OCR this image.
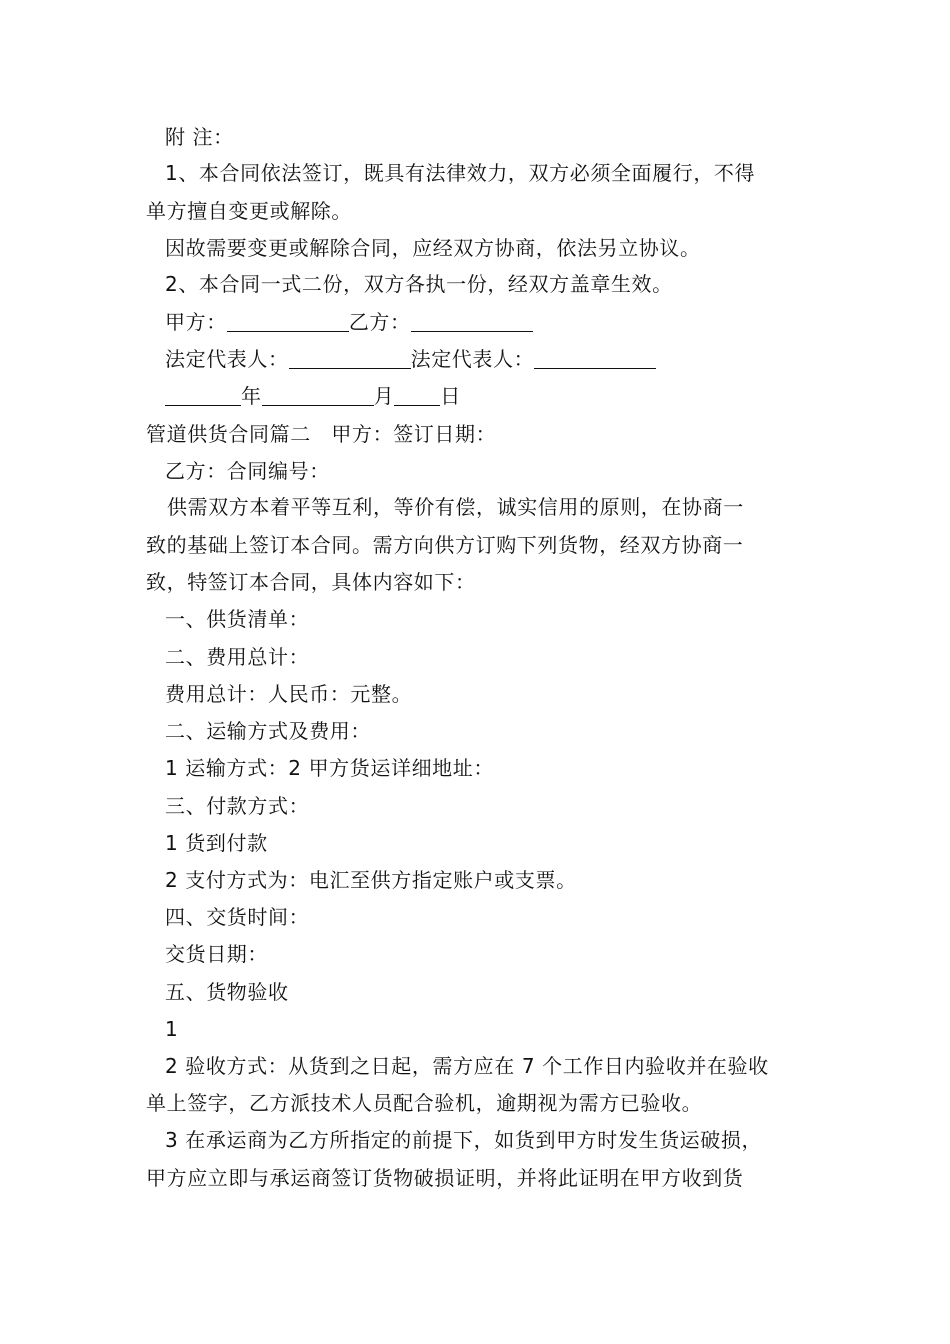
附 注：
1、本合同依法签订，既具有法律效力，双方必须全面履行，不得
单方擅自变更或解除。
因故需要变更或解除合同，应经双方协商，依法另立协议。
2、本合同一式二份，双方各执一份，经双方盖章生效。
甲方：	乙方：
法定代表人：	法定代表人：
年	月 日
管道供货合同篇二　甲方：签订日期：
乙方：合同编号：
供需双方本着平等互利，等价有偿，诚实信用的原则，在协商一
致的基础上签订本合同。需方向供方订购下列货物，经双方协商一
致，特签订本合同，具体内容如下：
一、供货清单：
二、费用总计：
费用总计：人民币：元整。
二、运输方式及费用：
1 运输方式：2 甲方货运详细地址：
三、付款方式：
1 货到付款
2 支付方式为：电汇至供方指定账户或支票。
四、交货时间：
交货日期：
五、货物验收
1
2 验收方式：从货到之日起，需方应在 7 个工作日内验收并在验收
单上签字，乙方派技术人员配合验机，逾期视为需方已验收。
3 在承运商为乙方所指定的前提下，如货到甲方时发生货运破损，
甲方应立即与承运商签订货物破损证明，并将此证明在甲方收到货
